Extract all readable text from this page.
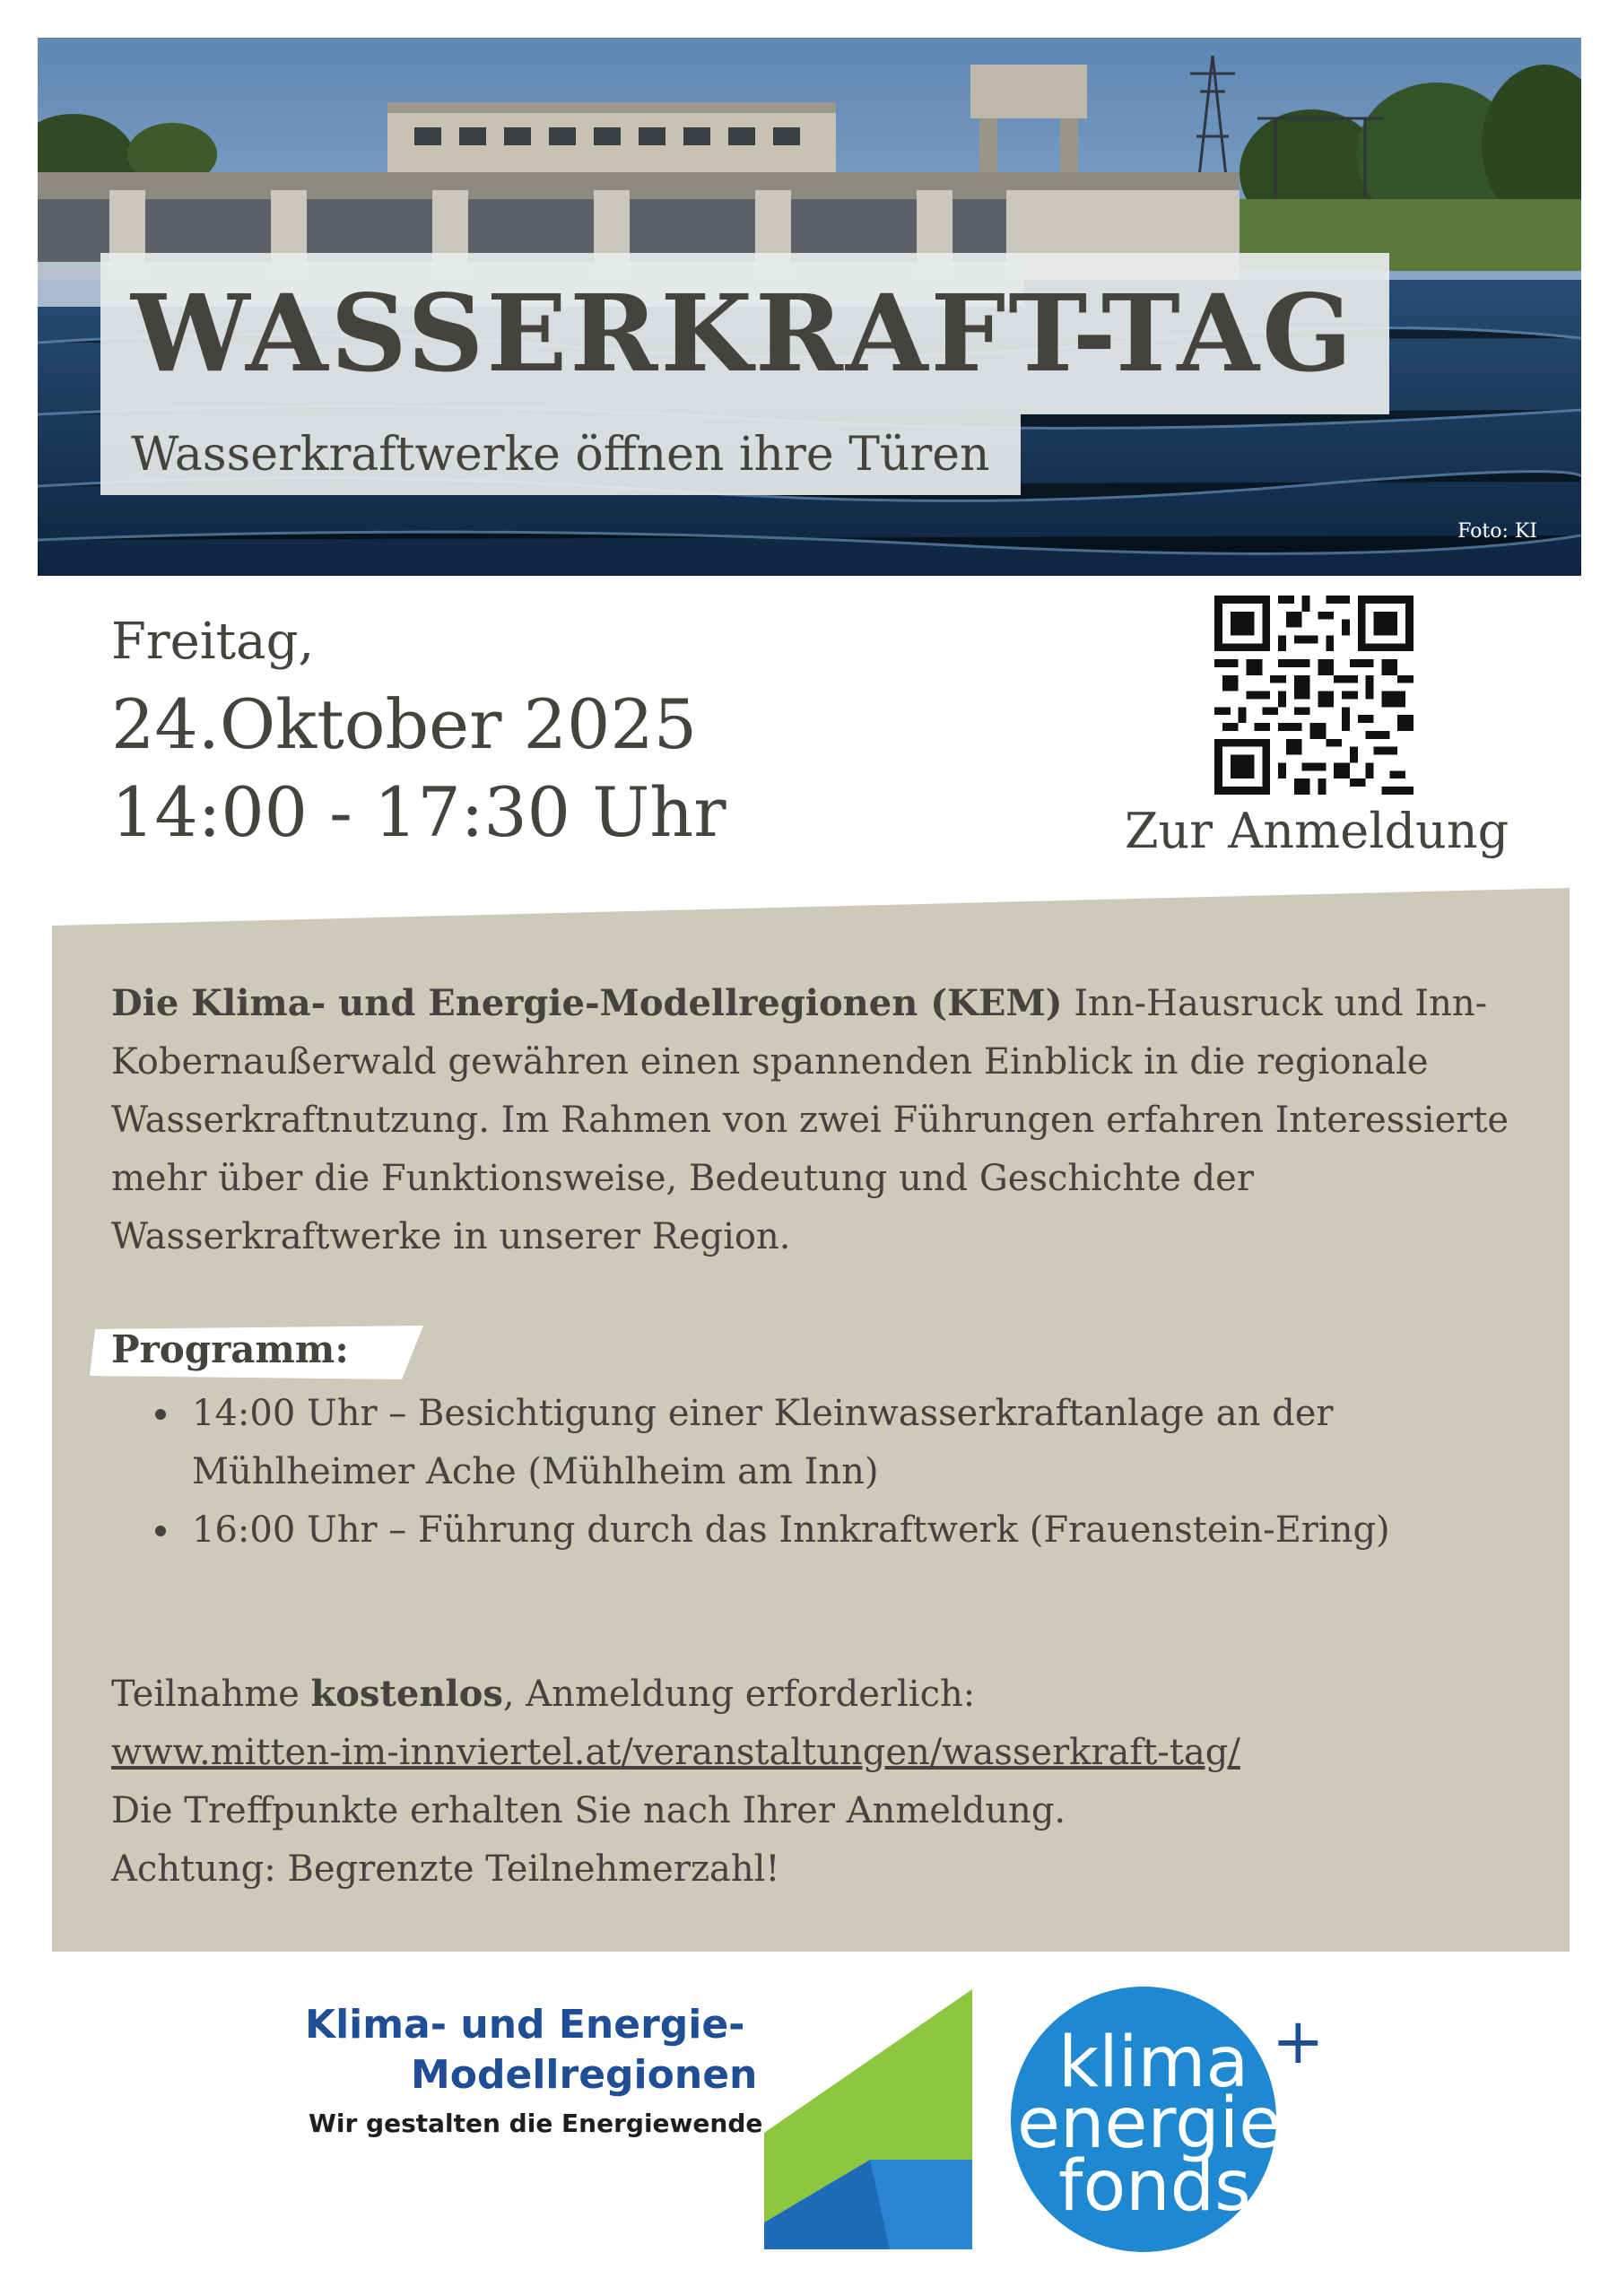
WASSERKRAFT-TAG
Wasserkraftwerke öffnen ihre Türen
Foto: KI
Freitag,
24.Oktober 2025
14:00 - 17:30 Uhr	Zur Anmeldung
Die Klima- und Energie-Modellregionen (KEM) Inn-Hausruck und Inn-Kobernaußerwald gewähren einen spannenden Einblick in die regionale Wasserkraftnutzung. Im Rahmen von zwei Führungen erfahren Interessierte mehr über die Funktionsweise, Bedeutung und Geschichte der Wasserkraftwerke in unserer Region.
Programm:
• 14:00 Uhr – Besichtigung einer Kleinwasserkraftanlage an der Mühlheimer Ache (Mühlheim am Inn)
• 16:00 Uhr – Führung durch das Innkraftwerk (Frauenstein-Ering)
Teilnahme kostenlos, Anmeldung erforderlich:
www.mitten-im-innviertel.at/veranstaltungen/wasserkraft-tag/
Die Treffpunkte erhalten Sie nach Ihrer Anmeldung.
Achtung: Begrenzte Teilnehmerzahl!
Klima- und Energie-
Modellregionen
Wir gestalten die Energiewende
klima
energie
fonds
+
